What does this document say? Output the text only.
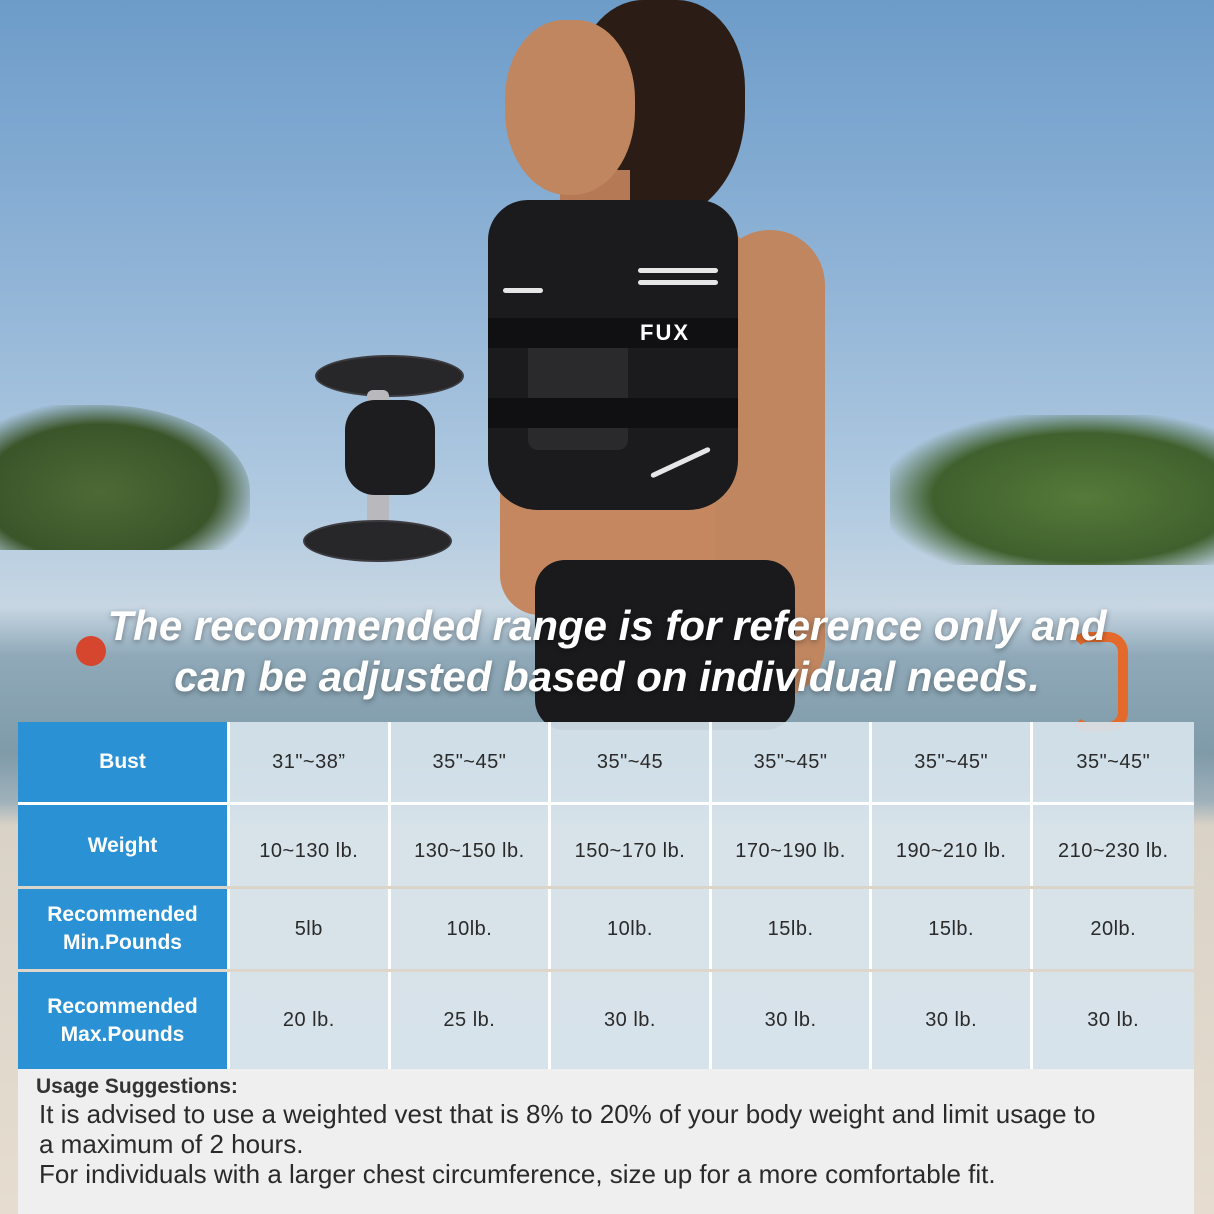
FUX
The recommended range is for reference only and
can be adjusted based on individual needs.
Bust	31"~38”	35"~45"	35"~45	35"~45"	35"~45"	35"~45"
Weight	10~130 lb.	130~150 lb.	150~170 lb.	170~190 lb.	190~210 lb.	210~230 lb.
Recommended
Min.Pounds
5lb	10lb.	10lb.	15lb.	15lb.	20lb.
Recommended
Max.Pounds
20 lb.	25 lb.	30 lb.	30 lb.	30 lb.	30 lb.
Usage Suggestions:

It is advised to use a weighted vest that is 8% to 20% of your body weight and limit usage to

a maximum of 2 hours.

For individuals with a larger chest circumference, size up for a more comfortable fit.
